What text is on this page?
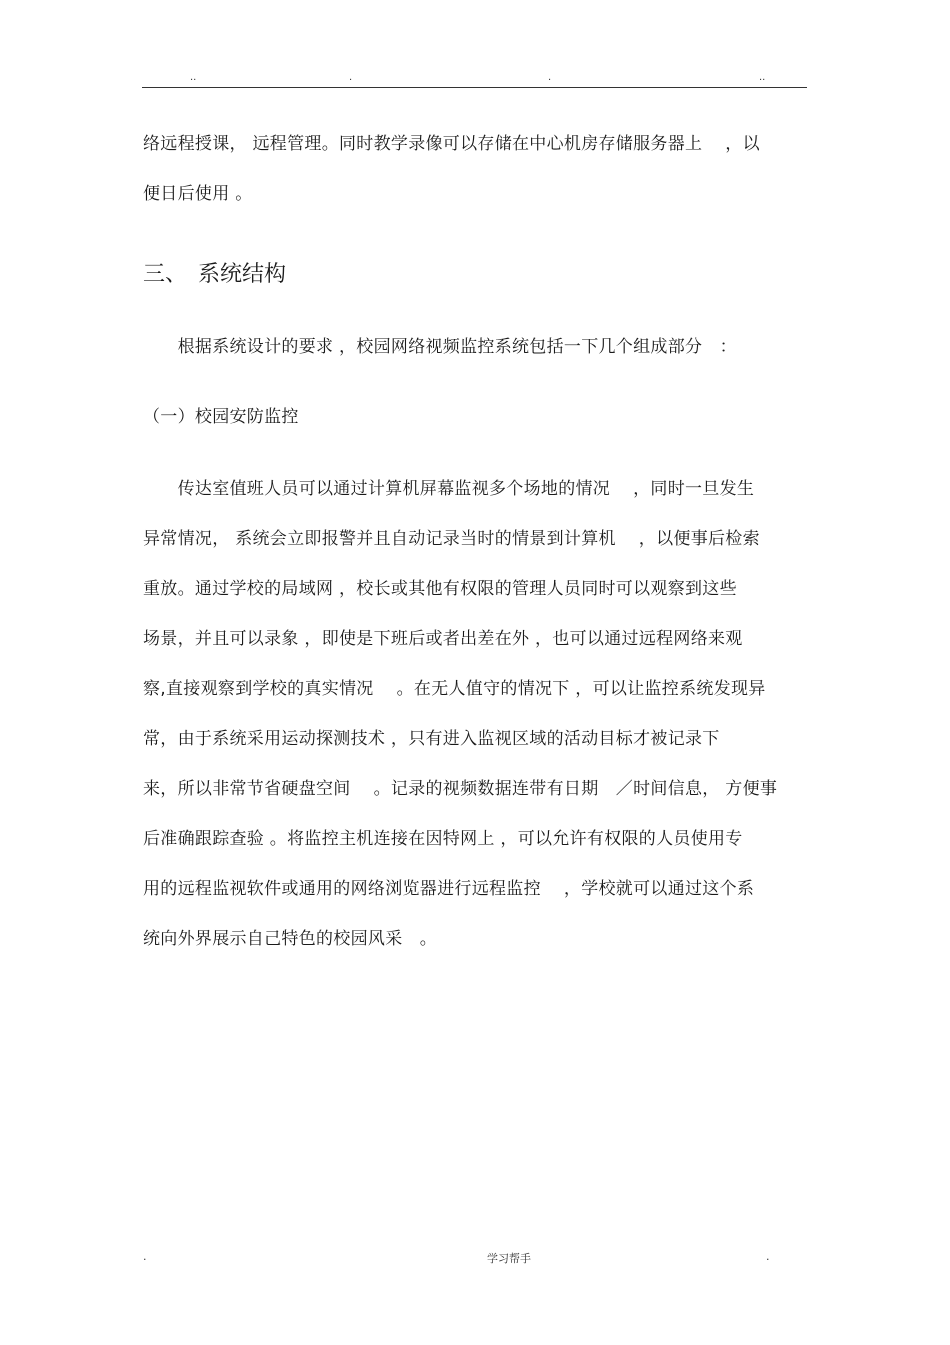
..	.	.	..
络远程授课， 远程管理。同时教学录像可以存储在中心机房存储服务器上　 ，以
便日后使用 。
三、　系统结构
　　根据系统设计的要求 ，校园网络视频监控系统包括一下几个组成部分　：
（一）校园安防监控
　　传达室值班人员可以通过计算机屏幕监视多个场地的情况　 ，同时一旦发生
异常情况， 系统会立即报警并且自动记录当时的情景到计算机　 ，以便事后检索
重放。通过学校的局域网 ，校长或其他有权限的管理人员同时可以观察到这些
场景，并且可以录象 ，即使是下班后或者出差在外 ，也可以通过远程网络来观
察,直接观察到学校的真实情况　 。在无人值守的情况下 ，可以让监控系统发现异
常，由于系统采用运动探测技术 ，只有进入监视区域的活动目标才被记录下
来，所以非常节省硬盘空间　 。记录的视频数据连带有日期　／时间信息， 方便事
后准确跟踪查验 。将监控主机连接在因特网上 ，可以允许有权限的人员使用专
用的远程监视软件或通用的网络浏览器进行远程监控　 ，学校就可以通过这个系
统向外界展示自己特色的校园风采　。
.	学习帮手	.
